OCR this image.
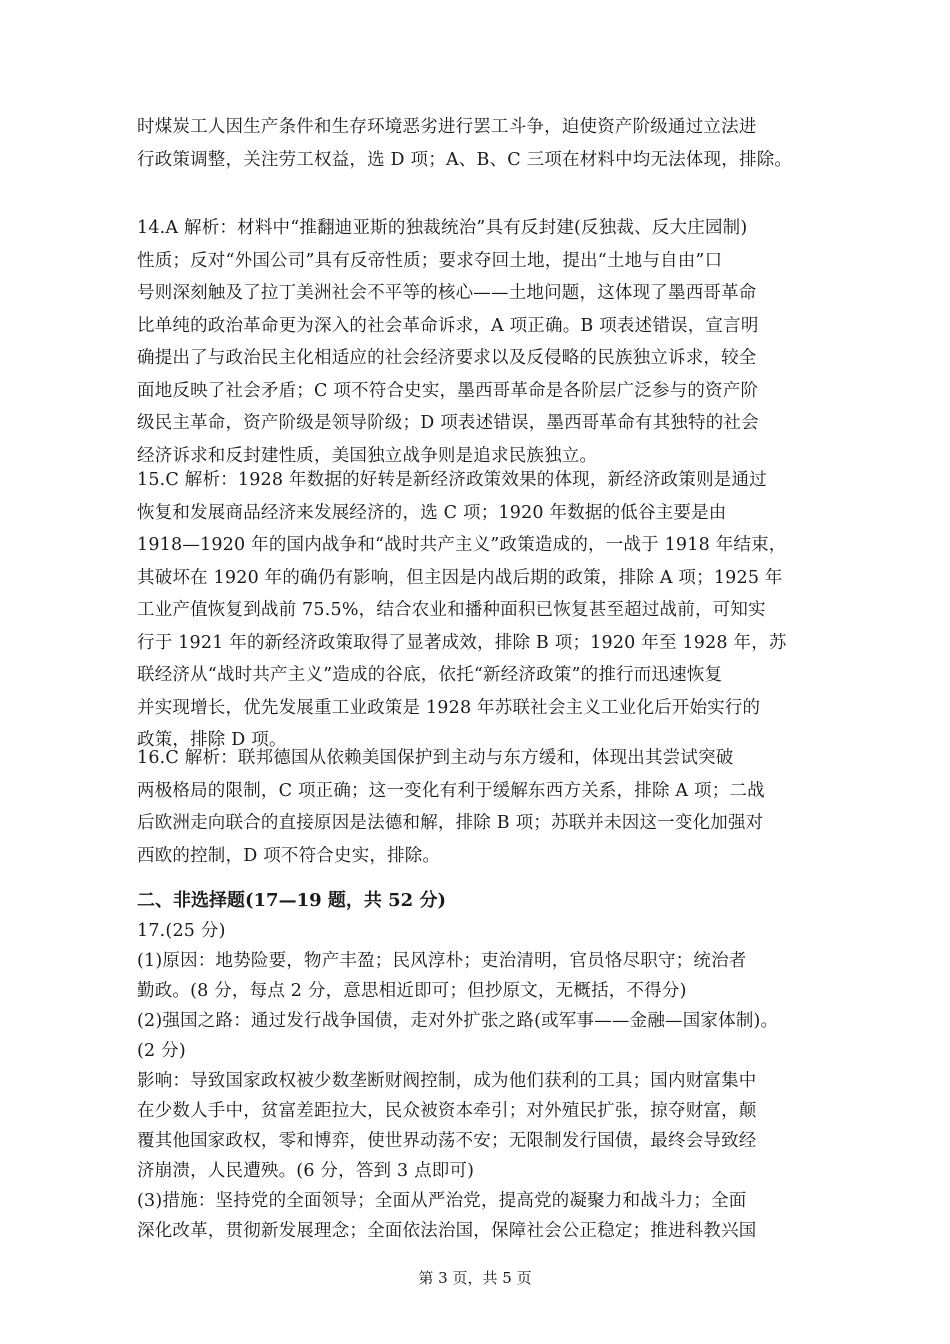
时煤炭工人因生产条件和生存环境恶劣进行罢工斗争，迫使资产阶级通过立法进
行政策调整，关注劳工权益，选 D 项；A、B、C 三项在材料中均无法体现，排除。
14.A 解析：材料中“推翻迪亚斯的独裁统治”具有反封建(反独裁、反大庄园制)
性质；反对“外国公司”具有反帝性质；要求夺回土地，提出“土地与自由”口
号则深刻触及了拉丁美洲社会不平等的核心——土地问题，这体现了墨西哥革命
比单纯的政治革命更为深入的社会革命诉求，A 项正确。B 项表述错误，宣言明
确提出了与政治民主化相适应的社会经济要求以及反侵略的民族独立诉求，较全
面地反映了社会矛盾；C 项不符合史实，墨西哥革命是各阶层广泛参与的资产阶
级民主革命，资产阶级是领导阶级；D 项表述错误，墨西哥革命有其独特的社会
经济诉求和反封建性质，美国独立战争则是追求民族独立。
15.C 解析：1928 年数据的好转是新经济政策效果的体现，新经济政策则是通过
恢复和发展商品经济来发展经济的，选 C 项；1920 年数据的低谷主要是由
1918—1920 年的国内战争和“战时共产主义”政策造成的，一战于 1918 年结束，
其破坏在 1920 年的确仍有影响，但主因是内战后期的政策，排除 A 项；1925 年
工业产值恢复到战前 75.5%，结合农业和播种面积已恢复甚至超过战前，可知实
行于 1921 年的新经济政策取得了显著成效，排除 B 项；1920 年至 1928 年，苏
联经济从“战时共产主义”造成的谷底，依托“新经济政策”的推行而迅速恢复
并实现增长，优先发展重工业政策是 1928 年苏联社会主义工业化后开始实行的
政策，排除 D 项。
16.C 解析：联邦德国从依赖美国保护到主动与东方缓和，体现出其尝试突破
两极格局的限制，C 项正确；这一变化有利于缓解东西方关系，排除 A 项；二战
后欧洲走向联合的直接原因是法德和解，排除 B 项；苏联并未因这一变化加强对
西欧的控制，D 项不符合史实，排除。
二、非选择题(17—19 题，共 52 分)
17.(25 分)
(1)原因：地势险要，物产丰盈；民风淳朴；吏治清明，官员恪尽职守；统治者
勤政。(8 分，每点 2 分，意思相近即可；但抄原文，无概括，不得分)
(2)强国之路：通过发行战争国债，走对外扩张之路(或军事——金融—国家体制)。
(2 分)
影响：导致国家政权被少数垄断财阀控制，成为他们获利的工具；国内财富集中
在少数人手中，贫富差距拉大，民众被资本牵引；对外殖民扩张，掠夺财富，颠
覆其他国家政权，零和博弈，使世界动荡不安；无限制发行国债，最终会导致经
济崩溃，人民遭殃。(6 分，答到 3 点即可)
(3)措施：坚持党的全面领导；全面从严治党，提高党的凝聚力和战斗力；全面
深化改革，贯彻新发展理念；全面依法治国，保障社会公正稳定；推进科教兴国
第 3 页，共 5 页
